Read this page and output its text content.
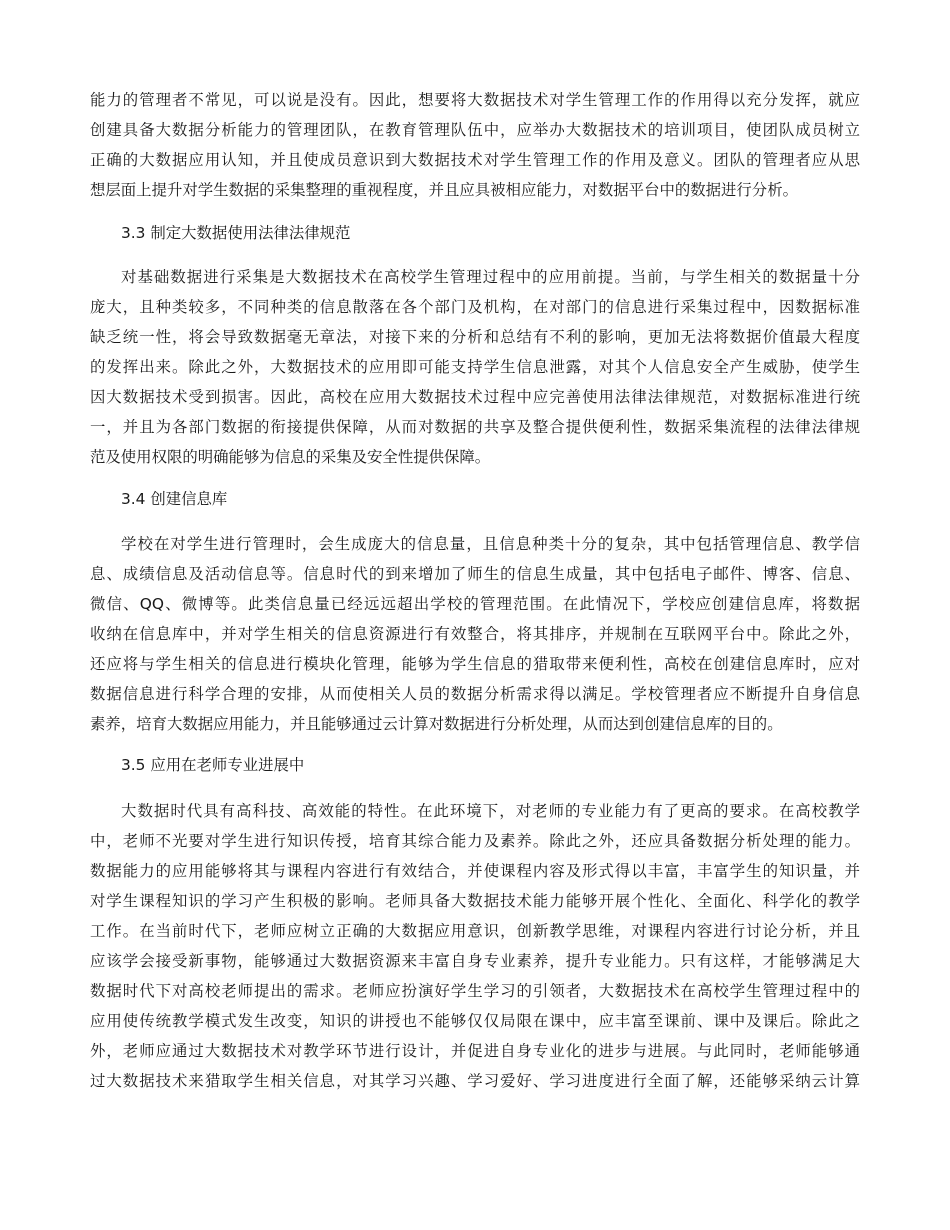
能力的管理者不常见，可以说是没有。因此，想要将大数据技术对学生管理工作的作用得以充分发挥，就应
创建具备大数据分析能力的管理团队，在教育管理队伍中，应举办大数据技术的培训项目，使团队成员树立
正确的大数据应用认知，并且使成员意识到大数据技术对学生管理工作的作用及意义。团队的管理者应从思
想层面上提升对学生数据的采集整理的重视程度，并且应具被相应能力，对数据平台中的数据进行分析。
3.3 制定大数据使用法律法律规范
对基础数据进行采集是大数据技术在高校学生管理过程中的应用前提。当前，与学生相关的数据量十分
庞大，且种类较多，不同种类的信息散落在各个部门及机构，在对部门的信息进行采集过程中，因数据标准
缺乏统一性，将会导致数据毫无章法，对接下来的分析和总结有不利的影响，更加无法将数据价值最大程度
的发挥出来。除此之外，大数据技术的应用即可能支持学生信息泄露，对其个人信息安全产生威胁，使学生
因大数据技术受到损害。因此，高校在应用大数据技术过程中应完善使用法律法律规范，对数据标准进行统
一，并且为各部门数据的衔接提供保障，从而对数据的共享及整合提供便利性，数据采集流程的法律法律规
范及使用权限的明确能够为信息的采集及安全性提供保障。
3.4 创建信息库
学校在对学生进行管理时，会生成庞大的信息量，且信息种类十分的复杂，其中包括管理信息、教学信
息、成绩信息及活动信息等。信息时代的到来增加了师生的信息生成量，其中包括电子邮件、博客、信息、
微信、QQ、微博等。此类信息量已经远远超出学校的管理范围。在此情况下，学校应创建信息库，将数据
收纳在信息库中，并对学生相关的信息资源进行有效整合，将其排序，并规制在互联网平台中。除此之外，
还应将与学生相关的信息进行模块化管理，能够为学生信息的猎取带来便利性，高校在创建信息库时，应对
数据信息进行科学合理的安排，从而使相关人员的数据分析需求得以满足。学校管理者应不断提升自身信息
素养，培育大数据应用能力，并且能够通过云计算对数据进行分析处理，从而达到创建信息库的目的。
3.5 应用在老师专业进展中
大数据时代具有高科技、高效能的特性。在此环境下，对老师的专业能力有了更高的要求。在高校教学
中，老师不光要对学生进行知识传授，培育其综合能力及素养。除此之外，还应具备数据分析处理的能力。
数据能力的应用能够将其与课程内容进行有效结合，并使课程内容及形式得以丰富，丰富学生的知识量，并
对学生课程知识的学习产生积极的影响。老师具备大数据技术能力能够开展个性化、全面化、科学化的教学
工作。在当前时代下，老师应树立正确的大数据应用意识，创新教学思维，对课程内容进行讨论分析，并且
应该学会接受新事物，能够通过大数据资源来丰富自身专业素养，提升专业能力。只有这样，才能够满足大
数据时代下对高校老师提出的需求。老师应扮演好学生学习的引领者，大数据技术在高校学生管理过程中的
应用使传统教学模式发生改变，知识的讲授也不能够仅仅局限在课中，应丰富至课前、课中及课后。除此之
外，老师应通过大数据技术对教学环节进行设计，并促进自身专业化的进步与进展。与此同时，老师能够通
过大数据技术来猎取学生相关信息，对其学习兴趣、学习爱好、学习进度进行全面了解，还能够采纳云计算
